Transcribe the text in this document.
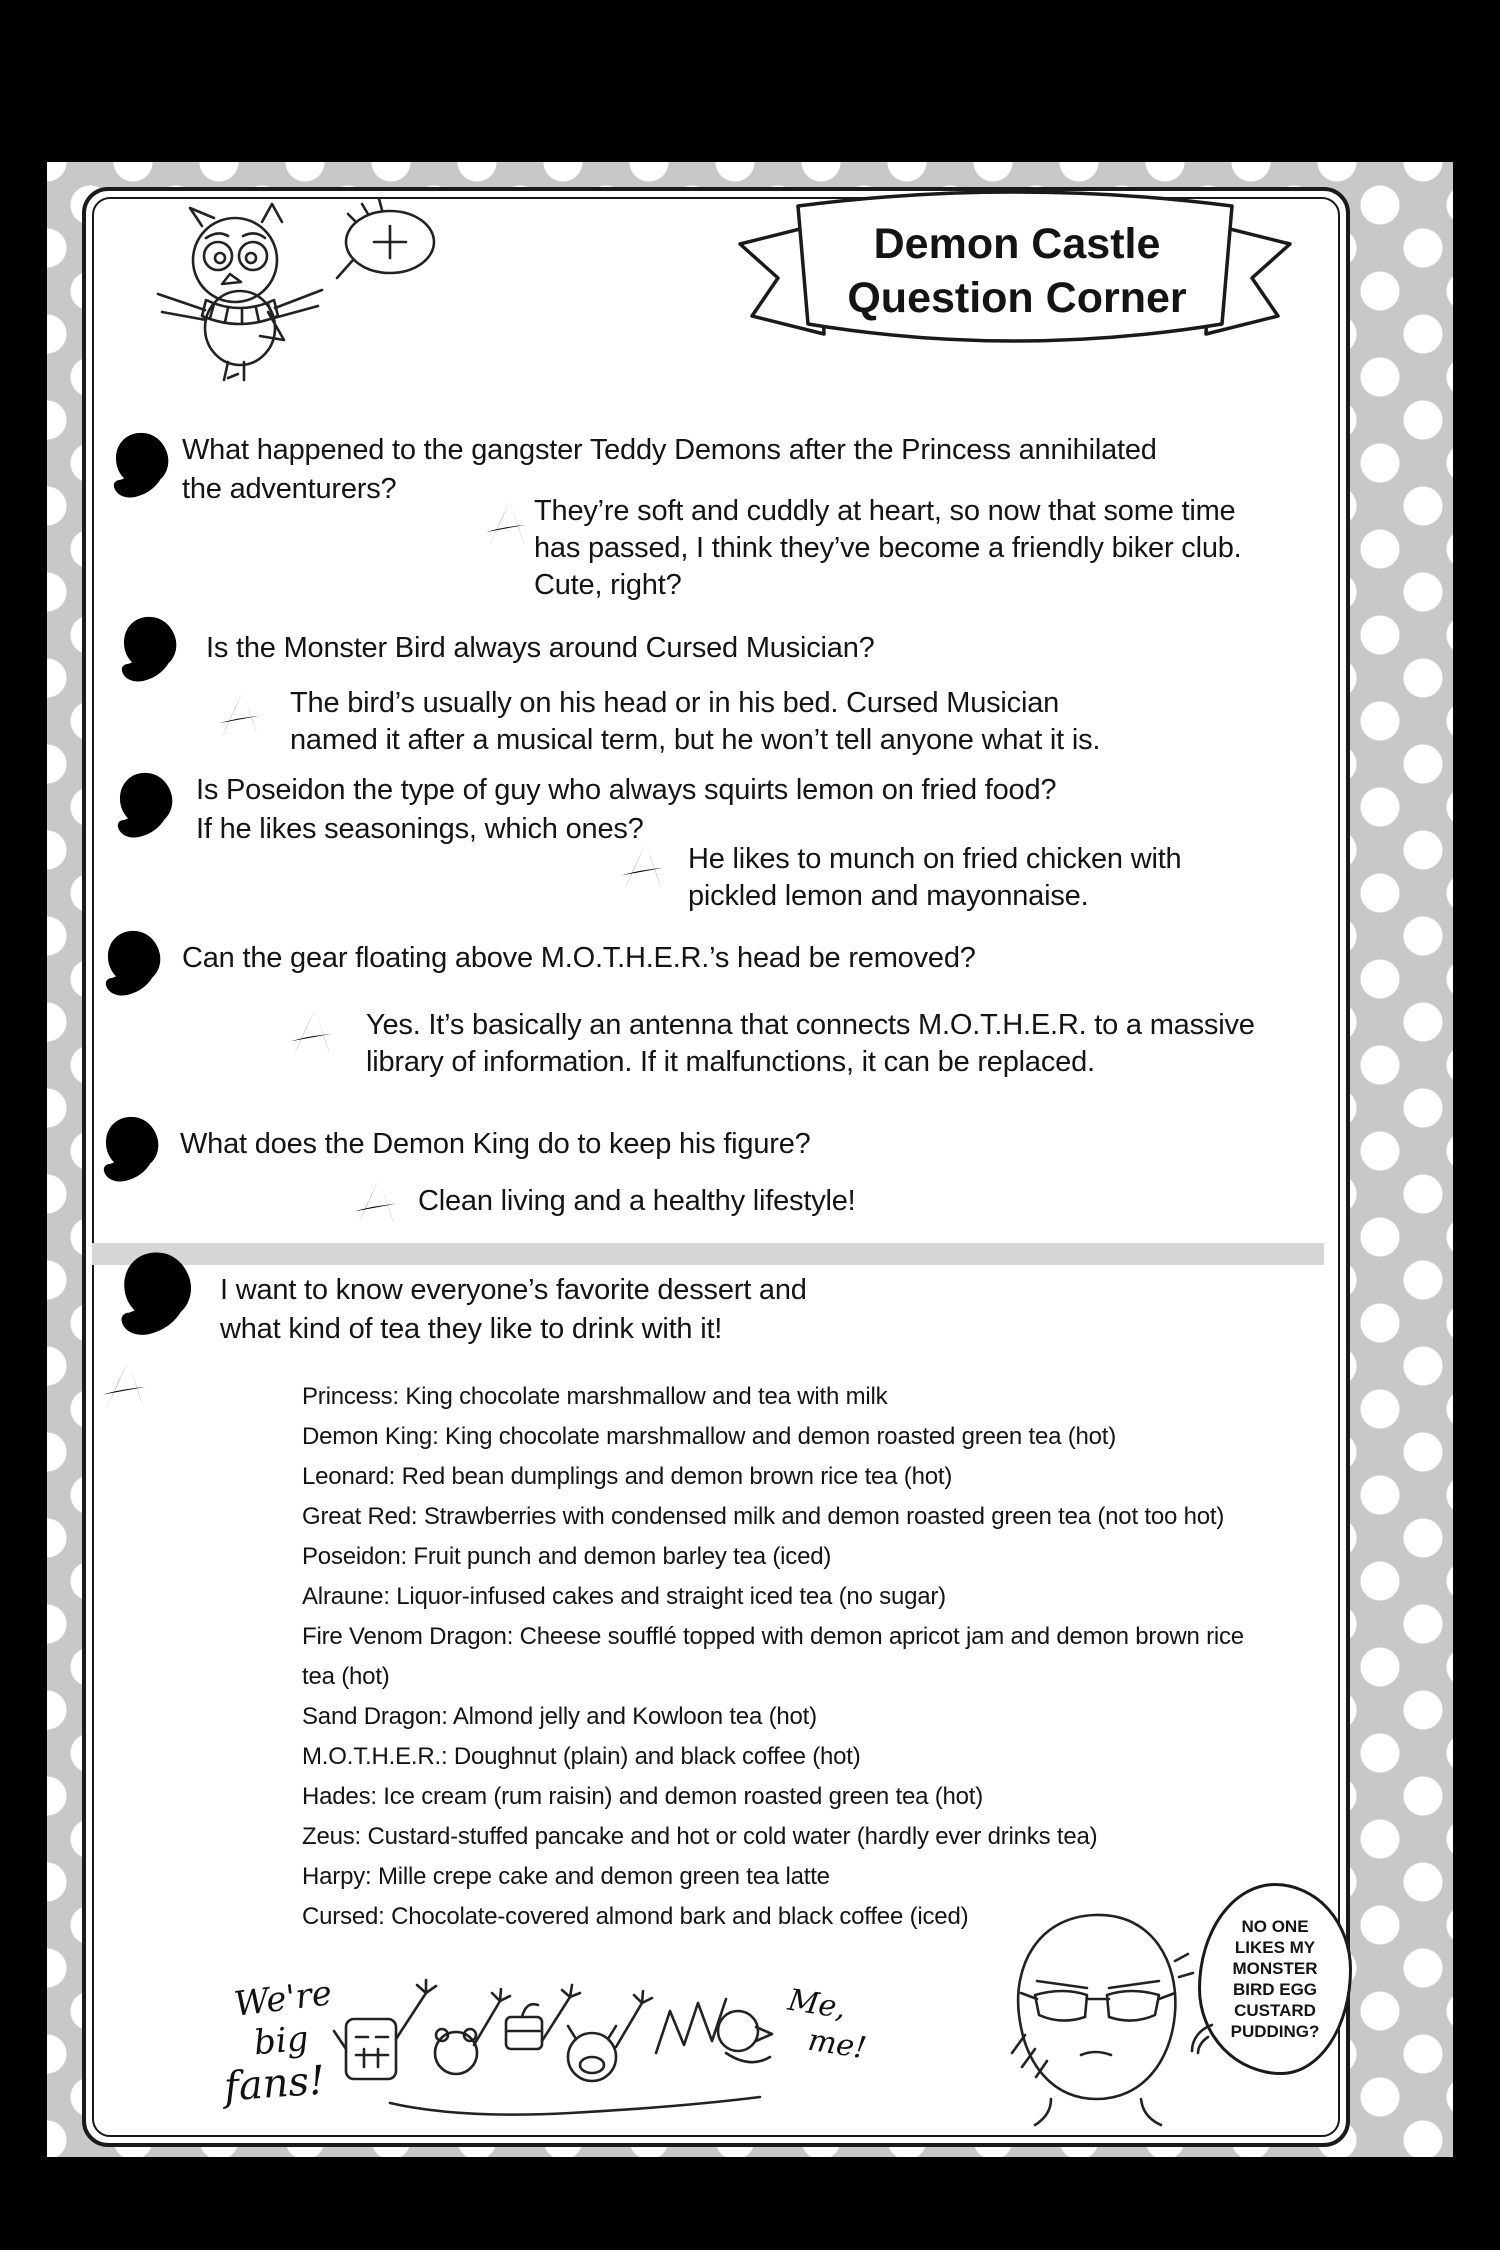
What happened to the gangster Teddy Demons after the Princess annihilated
the adventurers?
They’re soft and cuddly at heart, so now that some time
has passed, I think they’ve become a friendly biker club.
Cute, right?
Is the Monster Bird always around Cursed Musician?
The bird’s usually on his head or in his bed. Cursed Musician
named it after a musical term, but he won’t tell anyone what it is.
Is Poseidon the type of guy who always squirts lemon on fried food?
If he likes seasonings, which ones?
He likes to munch on fried chicken with
pickled lemon and mayonnaise.
Can the gear floating above M.O.T.H.E.R.’s head be removed?
Yes. It’s basically an antenna that connects M.O.T.H.E.R. to a massive
library of information. If it malfunctions, it can be replaced.
What does the Demon King do to keep his figure?
Clean living and a healthy lifestyle!
I want to know everyone’s favorite dessert and
what kind of tea they like to drink with it!
Princess: King chocolate marshmallow and tea with milk
Demon King: King chocolate marshmallow and demon roasted green tea (hot)
Leonard: Red bean dumplings and demon brown rice tea (hot)
Great Red: Strawberries with condensed milk and demon roasted green tea (not too hot)
Poseidon: Fruit punch and demon barley tea (iced)
Alraune: Liquor-infused cakes and straight iced tea (no sugar)
Fire Venom Dragon: Cheese soufflé topped with demon apricot jam and demon brown rice
tea (hot)
Sand Dragon: Almond jelly and Kowloon tea (hot)
M.O.T.H.E.R.: Doughnut (plain) and black coffee (hot)
Hades: Ice cream (rum raisin) and demon roasted green tea (hot)
Zeus: Custard-stuffed pancake and hot or cold water (hardly ever drinks tea)
Harpy: Mille crepe cake and demon green tea latte
Cursed: Chocolate-covered almond bark and black coffee (iced)
We're
big
fans!
Me,
me!
NO ONE
LIKES MY
MONSTER
BIRD EGG
CUSTARD
PUDDING?
Demon Castle
Question Corner
